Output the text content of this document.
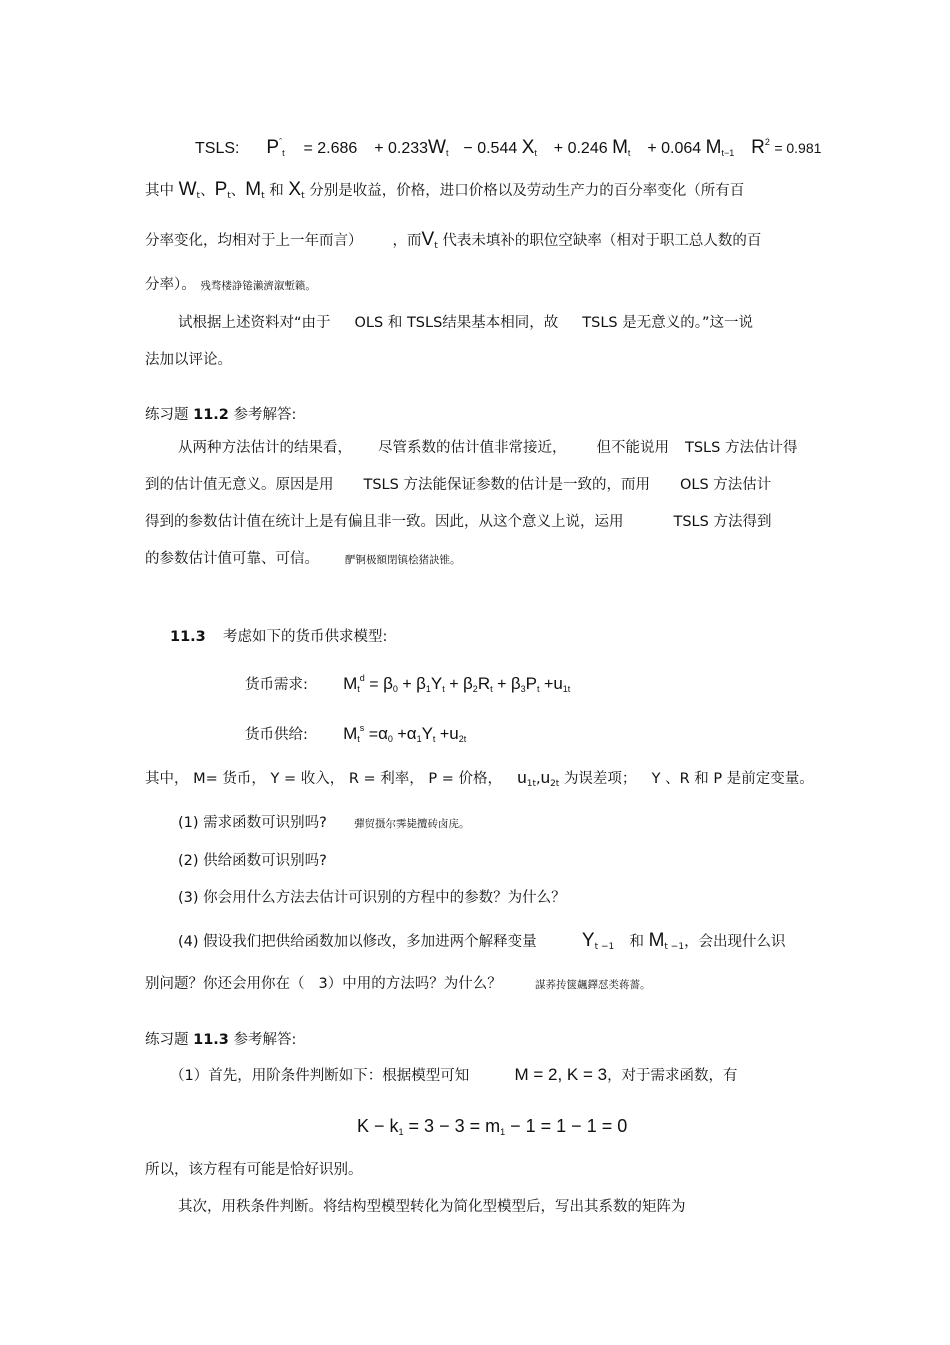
TSLS: $P^ˆ_t = 2.686 + 0.233W_t - 0.544$ $X_t + 0.246$ $M_t + 0.064$ $M_{t-1}$ $R^2 = 0.981$
其中 $W_t$、$P_t$、$M_t$ 和 $X_t$ 分别是收益，价格，进口价格以及劳动生产力的百分率变化（所有百
分率变化，均相对于上一年而言） ，而$V_t$ 代表未填补的职位空缺率（相对于职工总人数的百
分率）。 残骛楼諍锩瀨濟溆塹籟。
试根据上述资料对“由于 OLS 和 TSLS结果基本相同，故 TSLS 是无意义的。”这一说
法加以评论。
练习题 11.2 参考解答:
从两种方法估计的结果看， 尽管系数的估计值非常接近， 但不能说用 TSLS 方法估计得
到的估计值无意义。原因是用 TSLS 方法能保证参数的估计是一致的，而用 OLS 方法估计
得到的参数估计值在统计上是有偏且非一致。因此，从这个意义上说，运用	TSLS 方法得到
的参数估计值可靠、可信。 酽锕极額閉镇桧猪訣锥。
11.3 考虑如下的货币供求模型:
货币需求: $M_t^d = \beta_0 + \beta_1Y_t + \beta_2R_t + \beta_3P_t +u_{1t}$
货币供给: $M_t^s =\alpha_0 +\alpha_1Y_t +u_{2t}$
其中， M= 货币， Y = 收入， R = 利率， P = 价格， $u_{1t},u_{2t}$ 为误差项； Y 、R 和 P 是前定变量。
(1) 需求函数可识别吗?	彈贸摄尔霁毙攬砖卤庑。
(2) 供给函数可识别吗?
(3) 你会用什么方法去估计可识别的方程中的参数？为什么？
(4) 假设我们把供给函数加以修改，多加进两个解释变量 $Y_{t -1}$ 和 $M_{t -1}$，会出现什么识
别问题？你还会用你在（ 3）中用的方法吗？为什么？	謀荞抟箧飆鐸怼类蒋薔。
练习题 11.3 参考解答:
（1）首先，用阶条件判断如下：根据模型可知	M = 2, K = 3，对于需求函数，有
$K - k_1 = 3 - 3 = m_1 - 1 = 1 - 1 = 0$
所以，该方程有可能是恰好识别。
其次，用秩条件判断。将结构型模型转化为简化型模型后，写出其系数的矩阵为
